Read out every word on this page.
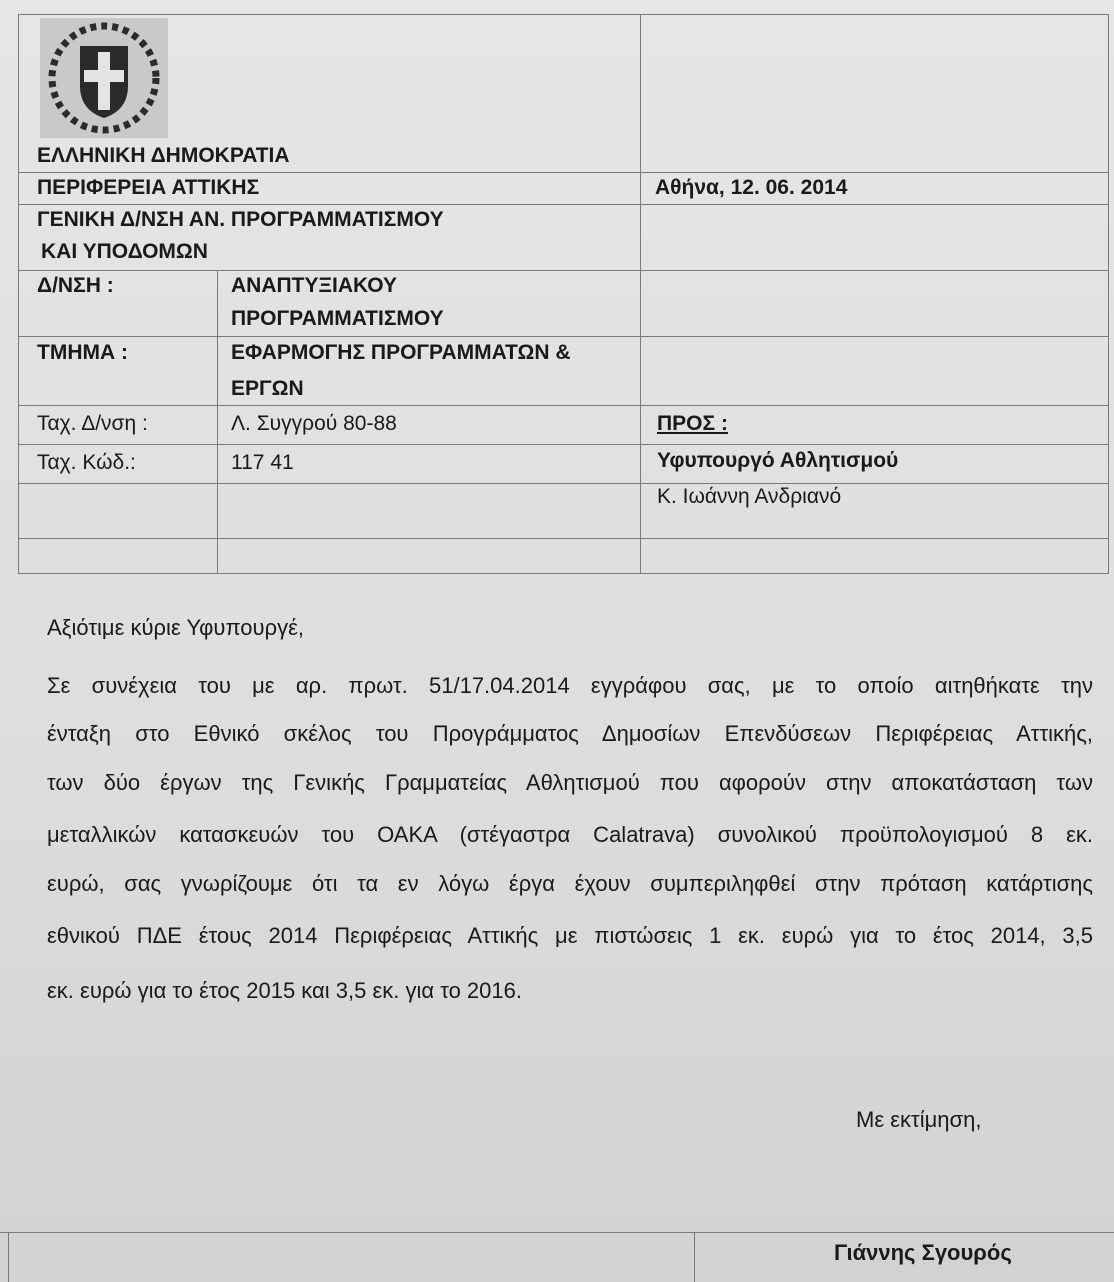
ΕΛΛΗΝΙΚΗ ΔΗΜΟΚΡΑΤΙΑ
ΠΕΡΙΦΕΡΕΙΑ ΑΤΤΙΚΗΣ	Αθήνα, 12. 06. 2014
ΓΕΝΙΚΗ Δ/ΝΣΗ ΑΝ. ΠΡΟΓΡΑΜΜΑΤΙΣΜΟΥ
ΚΑΙ ΥΠΟΔΟΜΩΝ
Δ/ΝΣΗ :	ΑΝΑΠΤΥΞΙΑΚΟΥ
ΠΡΟΓΡΑΜΜΑΤΙΣΜΟΥ
ΤΜΗΜΑ :	ΕΦΑΡΜΟΓΗΣ ΠΡΟΓΡΑΜΜΑΤΩΝ &
ΕΡΓΩΝ
Ταχ. Δ/νση :	Λ. Συγγρού 80-88	ΠΡΟΣ :
Ταχ. Κώδ.:	117 41	Υφυπουργό Αθλητισμού
Κ. Ιωάννη Ανδριανό
Αξιότιμε κύριε Υφυπουργέ,
Σε συνέχεια του με αρ. πρωτ. 51/17.04.2014 εγγράφου σας, με το οποίο αιτηθήκατε την
ένταξη στο Εθνικό σκέλος του Προγράμματος Δημοσίων Επενδύσεων Περιφέρειας Αττικής,
των δύο έργων της Γενικής Γραμματείας Αθλητισμού που αφορούν στην αποκατάσταση των
μεταλλικών κατασκευών του ΟΑΚΑ (στέγαστρα Calatrava) συνολικού προϋπολογισμού 8 εκ.
ευρώ, σας γνωρίζουμε ότι τα εν λόγω έργα έχουν συμπεριληφθεί στην πρόταση κατάρτισης
εθνικού ΠΔΕ έτους 2014 Περιφέρειας Αττικής με πιστώσεις 1 εκ. ευρώ για το έτος 2014, 3,5
εκ. ευρώ για το έτος 2015 και 3,5 εκ. για το 2016.
Με εκτίμηση,
Γιάννης Σγουρός
